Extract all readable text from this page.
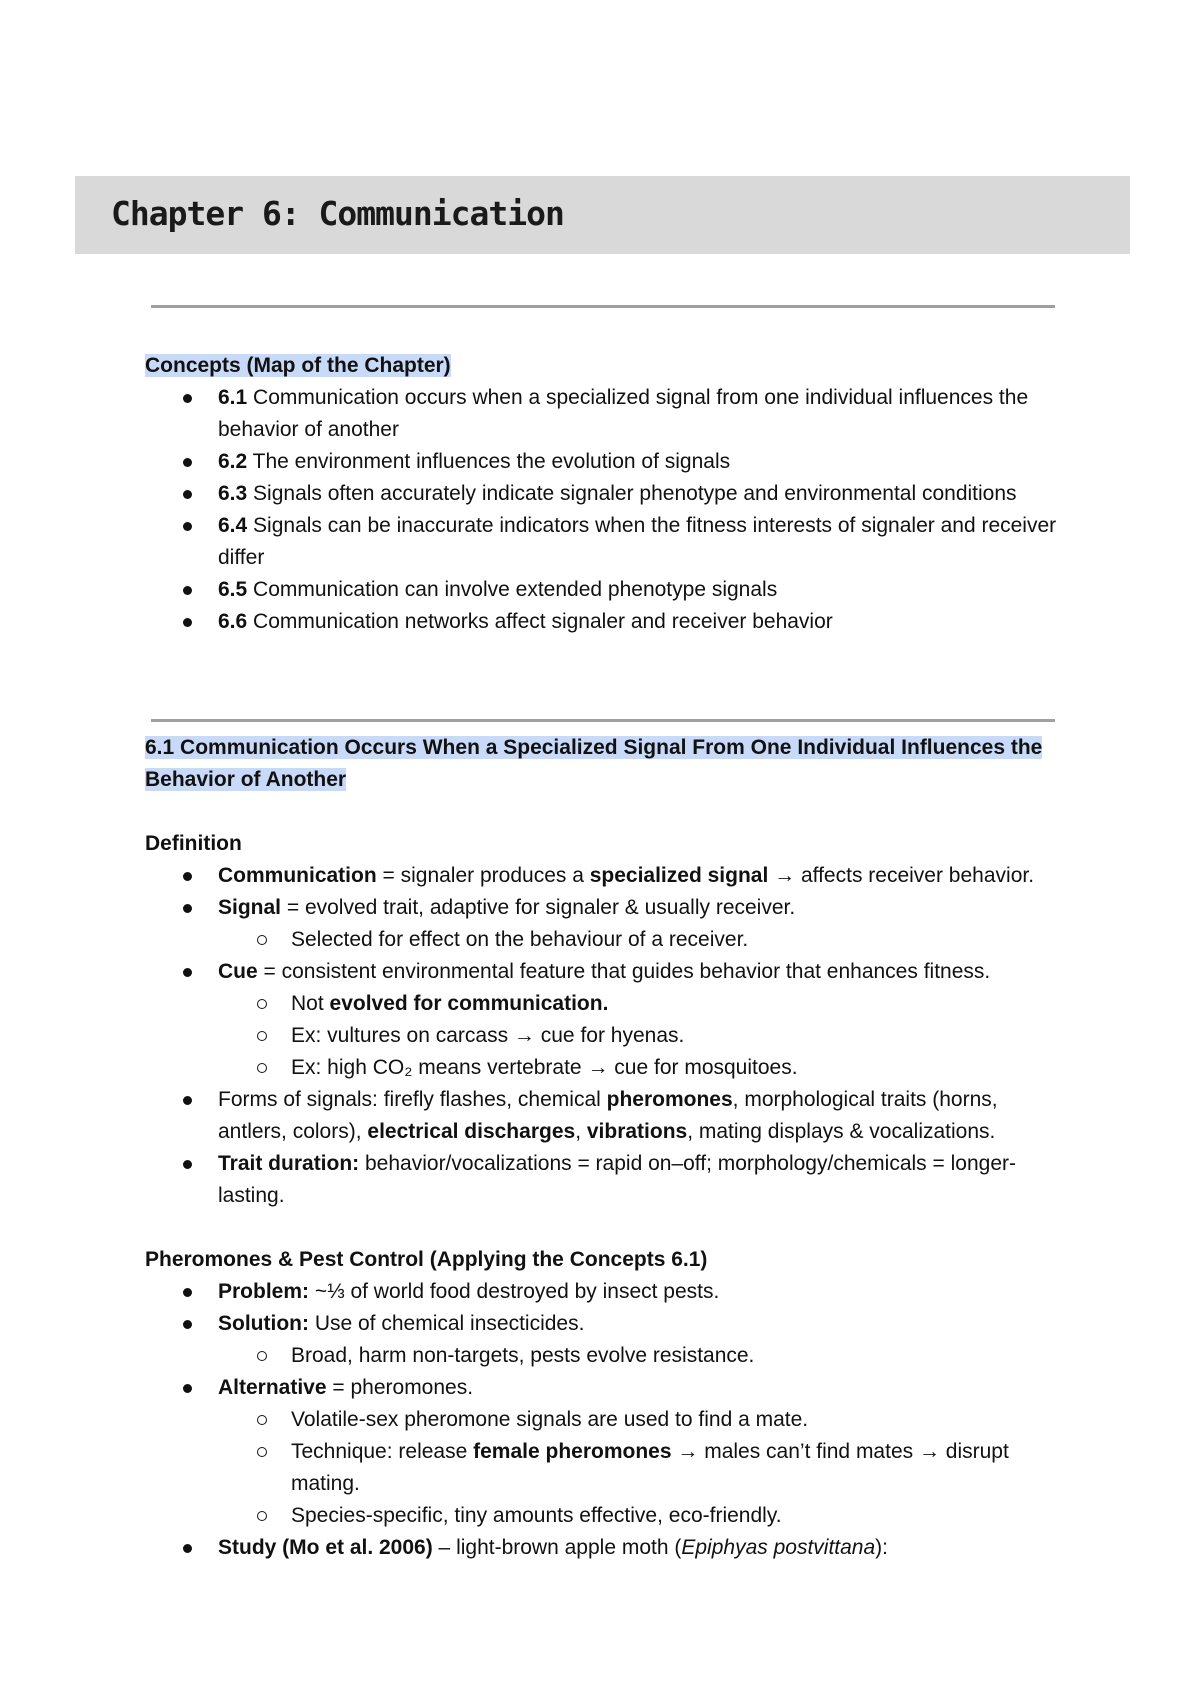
Chapter 6: Communication
Concepts (Map of the Chapter)
6.1 Communication occurs when a specialized signal from one individual influences the behavior of another
6.2 The environment influences the evolution of signals
6.3 Signals often accurately indicate signaler phenotype and environmental conditions
6.4 Signals can be inaccurate indicators when the fitness interests of signaler and receiver differ
6.5 Communication can involve extended phenotype signals
6.6 Communication networks affect signaler and receiver behavior
6.1 Communication Occurs When a Specialized Signal From One Individual Influences the Behavior of Another
Definition
Communication = signaler produces a specialized signal → affects receiver behavior.
Signal = evolved trait, adaptive for signaler & usually receiver.
Selected for effect on the behaviour of a receiver.
Cue = consistent environmental feature that guides behavior that enhances fitness.
Not evolved for communication.
Ex: vultures on carcass → cue for hyenas.
Ex: high CO₂ means vertebrate → cue for mosquitoes.
Forms of signals: firefly flashes, chemical pheromones, morphological traits (horns, antlers, colors), electrical discharges, vibrations, mating displays & vocalizations.
Trait duration: behavior/vocalizations = rapid on–off; morphology/chemicals = longer-lasting.
Pheromones & Pest Control (Applying the Concepts 6.1)
Problem: ~⅓ of world food destroyed by insect pests.
Solution: Use of chemical insecticides.
Broad, harm non-targets, pests evolve resistance.
Alternative = pheromones.
Volatile-sex pheromone signals are used to find a mate.
Technique: release female pheromones → males can’t find mates → disrupt mating.
Species-specific, tiny amounts effective, eco-friendly.
Study (Mo et al. 2006) – light-brown apple moth (Epiphyas postvittana):
